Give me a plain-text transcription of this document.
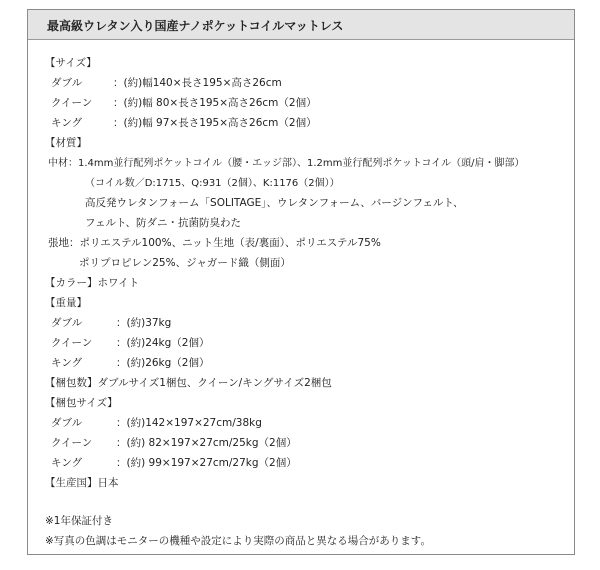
最高級ウレタン入り国産ナノポケットコイルマットレス
【サイズ】
ダブル	：(約)幅140×長さ195×高さ26cm
クイーン ：(約)幅 80×長さ195×高さ26cm（2個）
キング	：(約)幅 97×長さ195×高さ26cm（2個）
【材質】
中材：1.4mm並行配列ポケットコイル（腰・エッジ部）、1.2mm並行配列ポケットコイル（頭/肩・脚部）
（コイル数／D:1715、Q:931（2個）、K:1176（2個））
高反発ウレタンフォーム「SOLITAGE」、ウレタンフォーム、バージンフェルト、
フェルト、防ダニ・抗菌防臭わた
張地：ポリエステル100%、ニット生地（表/裏面）、ポリエステル75%
ポリプロピレン25%、ジャガード織（側面）
【カラー】ホワイト
【重量】
ダブル	：(約)37kg
クイーン ：(約)24kg（2個）
キング	：(約)26kg（2個）
【梱包数】ダブルサイズ1梱包、クイーン/キングサイズ2梱包
【梱包サイズ】
ダブル	：(約)142×197×27cm/38kg
クイーン ：(約) 82×197×27cm/25kg（2個）
キング	：(約) 99×197×27cm/27kg（2個）
【生産国】日本
※1年保証付き
※写真の色調はモニターの機種や設定により実際の商品と異なる場合があります。
